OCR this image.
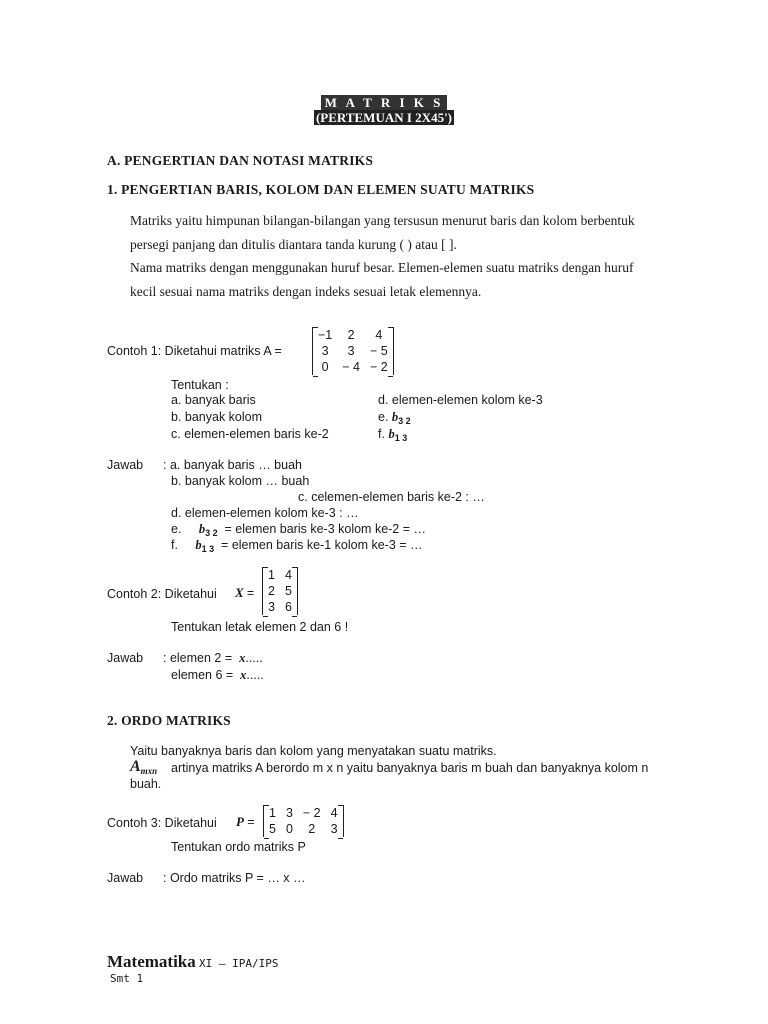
M A T R I K S
(PERTEMUAN I 2X45')
A. PENGERTIAN DAN NOTASI MATRIKS
1. PENGERTIAN BARIS, KOLOM DAN ELEMEN SUATU MATRIKS
Matriks yaitu himpunan bilangan-bilangan yang tersusun menurut baris dan kolom berbentuk
persegi panjang dan ditulis diantara tanda kurung ( ) atau [ ].
Nama matriks dengan menggunakan huruf besar. Elemen-elemen suatu matriks dengan huruf
kecil sesuai nama matriks dengan indeks sesuai letak elemennya.
Contoh 1: Diketahui matriks A =
−1	2	4
3	3	− 5
0	− 4	− 2
Tentukan :
a. banyak baris
b. banyak kolom
c. elemen-elemen baris ke-2
d. elemen-elemen kolom ke-3
e. $b_{3 2}$
f. $b_{1 3}$
Jawab : a. banyak baris … buah
b. banyak kolom … buah
c. celemen-elemen baris ke-2 : …
d. elemen-elemen kolom ke-3 : …
e. $b_{3 2}$ = elemen baris ke-3 kolom ke-2 = …
f. $b_{1 3}$ = elemen baris ke-1 kolom ke-3 = …
Contoh 2: Diketahui X =
1	4
2	5
3	6
Tentukan letak elemen 2 dan 6 !
Jawab : elemen 2 = x.....
elemen 6 = x.....
2. ORDO MATRIKS
Yaitu banyaknya baris dan kolom yang menyatakan suatu matriks.
$A_{mxn}$ artinya matriks A berordo m x n yaitu banyaknya baris m buah dan banyaknya kolom n
buah.
Contoh 3: Diketahui P =
1	3	− 2	4
5	0	2	3
Tentukan ordo matriks P
Jawab : Ordo matriks P = … x …
Matematika XI – IPA/IPS
Smt 1
